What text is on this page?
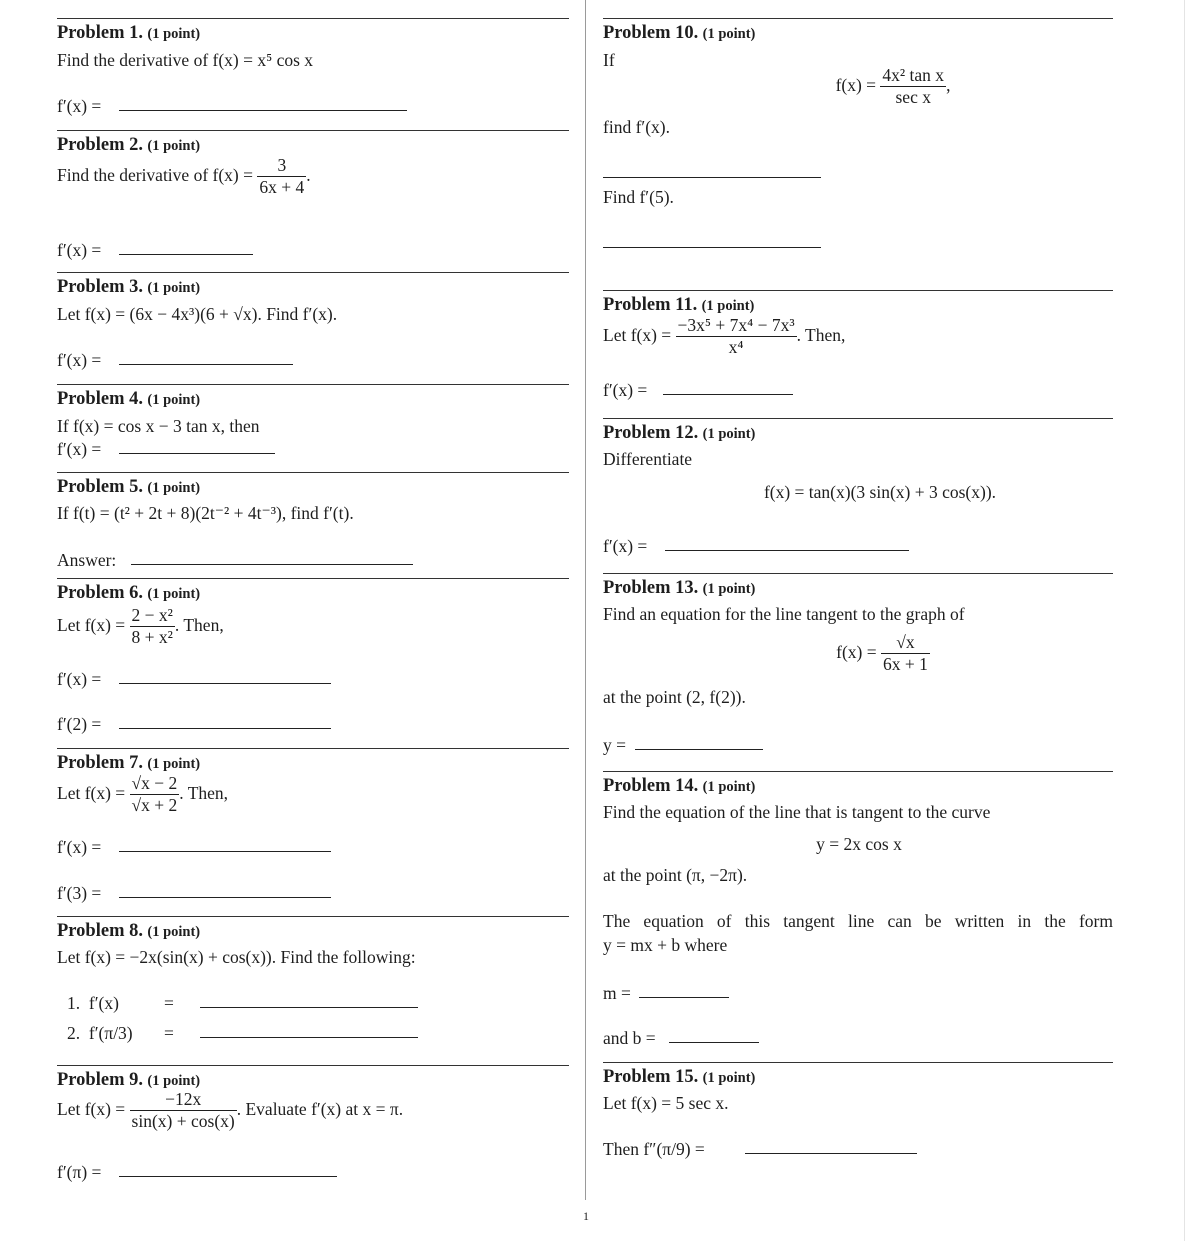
Problem 1. (1 point)
Find the derivative of f(x) = x⁵ cos x
f′(x) =
Problem 2. (1 point)
Find the derivative of $f(x) = \frac{3}{6x + 4}$ .
f′(x) =
Problem 3. (1 point)
Let f(x) = (6x − 4x³)(6 + √x). Find f′(x).
f′(x) =
Problem 4. (1 point)
If f(x) = cos x − 3 tan x, then
f′(x) =
Problem 5. (1 point)
If f(t) = (t² + 2t + 8)(2t⁻² + 4t⁻³), find f′(t).
Answer:
Problem 6. (1 point)
Let $f(x) = \frac{\text{2 − x²}}{\text{8 + x²}}$ . Then,
f′(x) =
f′(2) =
Problem 7. (1 point)
Let $f(x) = \frac{√x - 2}{√x + 2}$ . Then,
f′(x) =
f′(3) =
Problem 8. (1 point)
Let f(x) = −2x(sin(x) + cos(x)). Find the following:
1. f′(x)	=
2. f′(π/3) =
Problem 9. (1 point)
Let $f(x) = \frac{-12x}{\sin(x) + \cos(x)}$ . Evaluate f′(x) at x = π.
f′(π) =
Problem 10. (1 point)
If
$f(x) = \frac{\text{4x² tan x}}{\text{sec x}}$ ,
find f′(x).
Find f′(5).
Problem 11. (1 point)
Let $f(x) = \frac{\text{−3x⁵ + 7x⁴ − 7x³}}{\text{x⁴}}$ . Then,
f′(x) =
Problem 12. (1 point)
Differentiate
f(x) = tan(x)(3 sin(x) + 3 cos(x)).
f′(x) =
Problem 13. (1 point)
Find an equation for the line tangent to the graph of
$f(x) = \frac{√x}{6x + 1}$
at the point (2, f(2)).
y =
Problem 14. (1 point)
Find the equation of the line that is tangent to the curve
y = 2x cos x
at the point (π, −2π).
The equation of this tangent line can be written in the form
y = mx + b where
m =
and b =
Problem 15. (1 point)
Let f(x) = 5 sec x.
Then f″(π/9) =
1
